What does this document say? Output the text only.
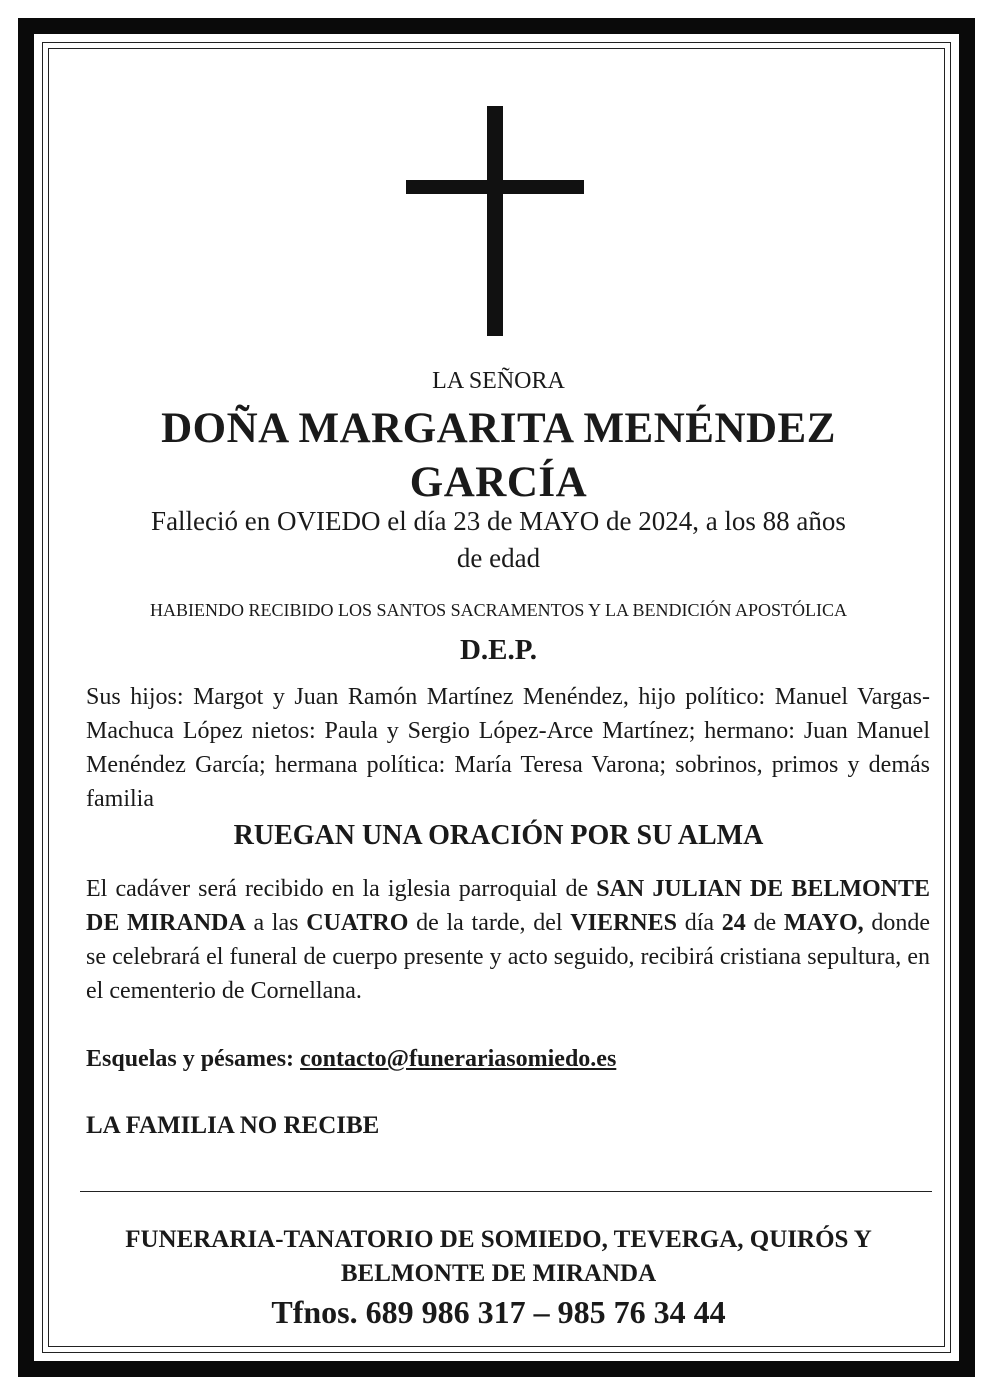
LA SEÑORA

DOÑA MARGARITA MENÉNDEZ

GARCÍA

Falleció en OVIEDO el día 23 de MAYO de 2024, a los 88 años

de edad

HABIENDO RECIBIDO LOS SANTOS SACRAMENTOS Y LA BENDICIÓN APOSTÓLICA

D.E.P.

Sus hijos: Margot y Juan Ramón Martínez Menéndez, hijo político: Manuel Vargas-Machuca López nietos: Paula y Sergio López-Arce Martínez; hermano: Juan Manuel Menéndez García; hermana política: María Teresa Varona; sobrinos, primos y demás familia

RUEGAN UNA ORACIÓN POR SU ALMA

El cadáver será recibido en la iglesia parroquial de SAN JULIAN DE BELMONTE DE MIRANDA a las CUATRO de la tarde, del VIERNES día 24 de MAYO, donde se celebrará el funeral de cuerpo presente y acto seguido, recibirá cristiana sepultura, en el cementerio de Cornellana.

Esquelas y pésames: contacto@funerariasomiedo.es

LA FAMILIA NO RECIBE

FUNERARIA-TANATORIO DE SOMIEDO, TEVERGA, QUIRÓS Y

BELMONTE DE MIRANDA

Tfnos. 689 986 317 – 985 76 34 44
